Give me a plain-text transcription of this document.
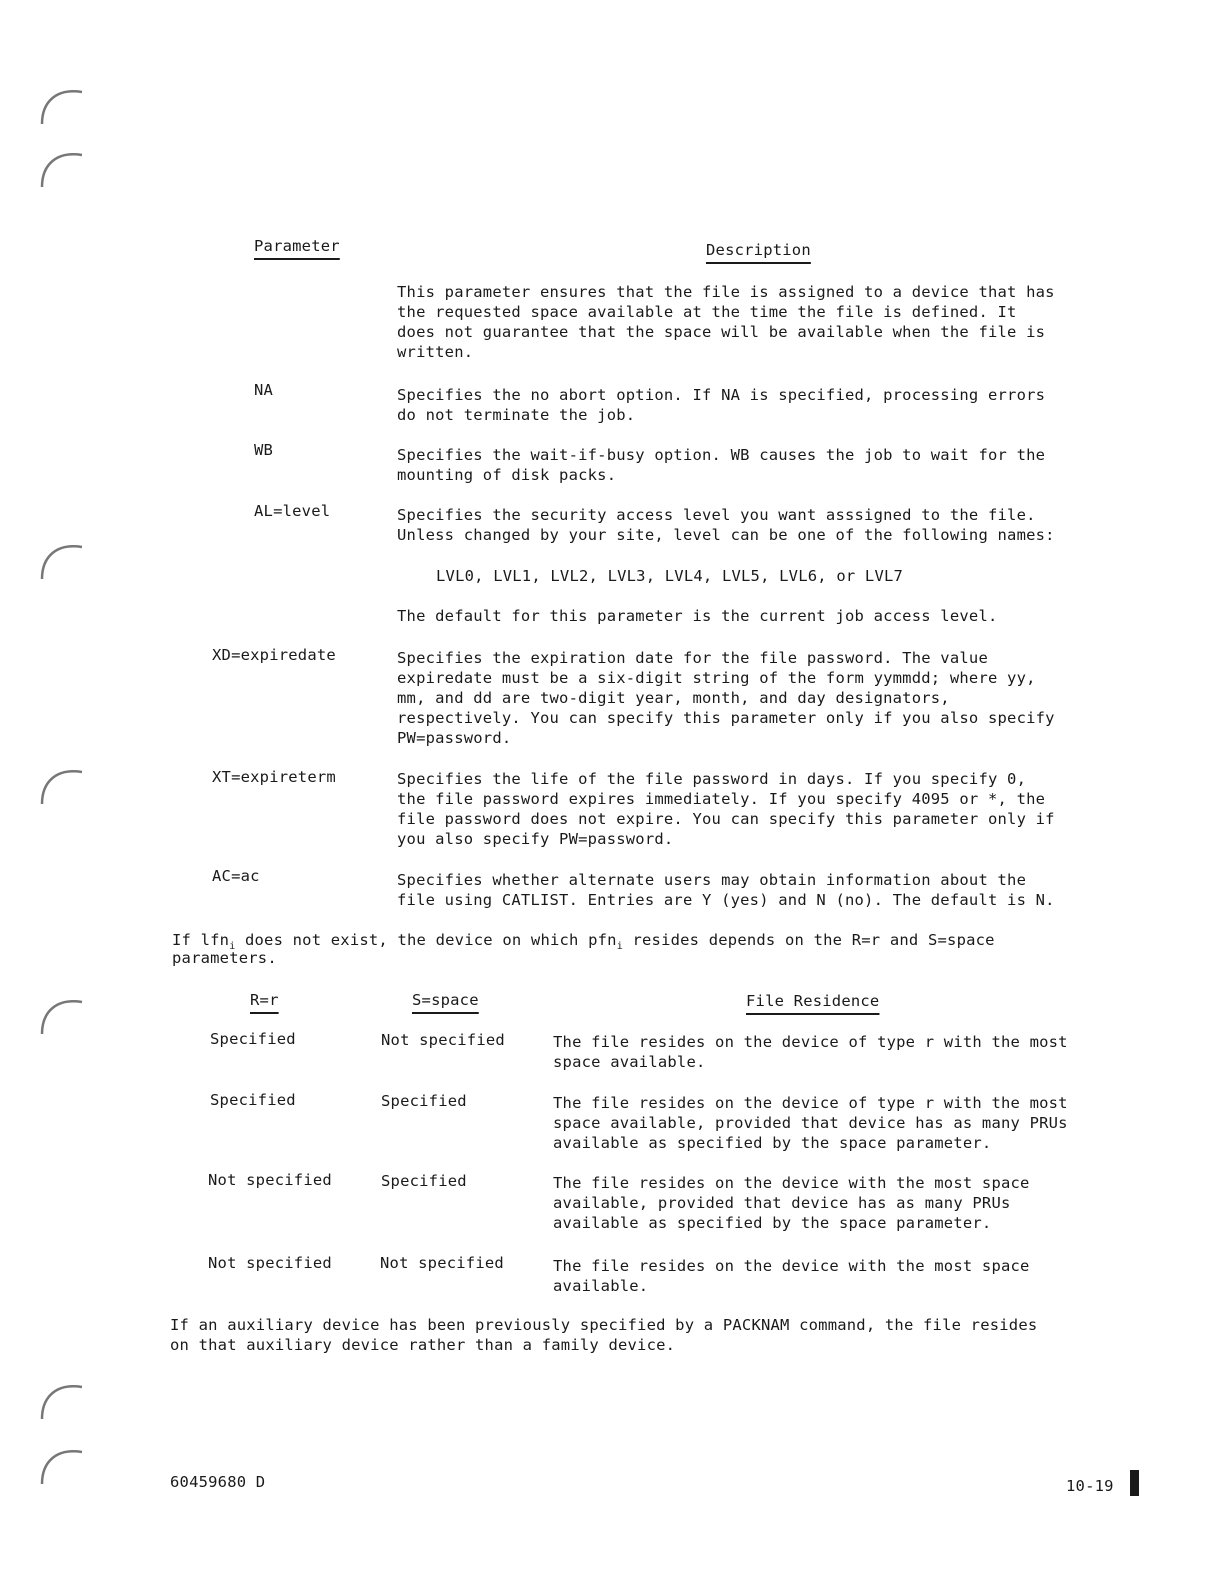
Parameter	Description
This parameter ensures that the file is assigned to a device that has
the requested space available at the time the file is defined. It
does not guarantee that the space will be available when the file is
written.
NA	Specifies the no abort option. If NA is specified, processing errors
do not terminate the job.
WB	Specifies the wait-if-busy option. WB causes the job to wait for the
mounting of disk packs.
AL=level	Specifies the security access level you want asssigned to the file.
Unless changed by your site, level can be one of the following names:
LVL0, LVL1, LVL2, LVL3, LVL4, LVL5, LVL6, or LVL7
The default for this parameter is the current job access level.
XD=expiredate	Specifies the expiration date for the file password. The value
expiredate must be a six-digit string of the form yymmdd; where yy,
mm, and dd are two-digit year, month, and day designators,
respectively. You can specify this parameter only if you also specify
PW=password.
XT=expireterm	Specifies the life of the file password in days. If you specify 0,
the file password expires immediately. If you specify 4095 or *, the
file password does not expire. You can specify this parameter only if
you also specify PW=password.
AC=ac	Specifies whether alternate users may obtain information about the
file using CATLIST. Entries are Y (yes) and N (no). The default is N.
If lfn$_i$ does not exist, the device on which pfn$_i$ resides depends on the R=r and S=space
parameters.
R=r	S=space	File Residence
Specified	Not specified	The file resides on the device of type r with the most
space available.
Specified	Specified	The file resides on the device of type r with the most
space available, provided that device has as many PRUs
available as specified by the space parameter.
Not specified	Specified	The file resides on the device with the most space
available, provided that device has as many PRUs
available as specified by the space parameter.
Not specified	Not specified	The file resides on the device with the most space
available.
If an auxiliary device has been previously specified by a PACKNAM command, the file resides
on that auxiliary device rather than a family device.
60459680 D	10-19
